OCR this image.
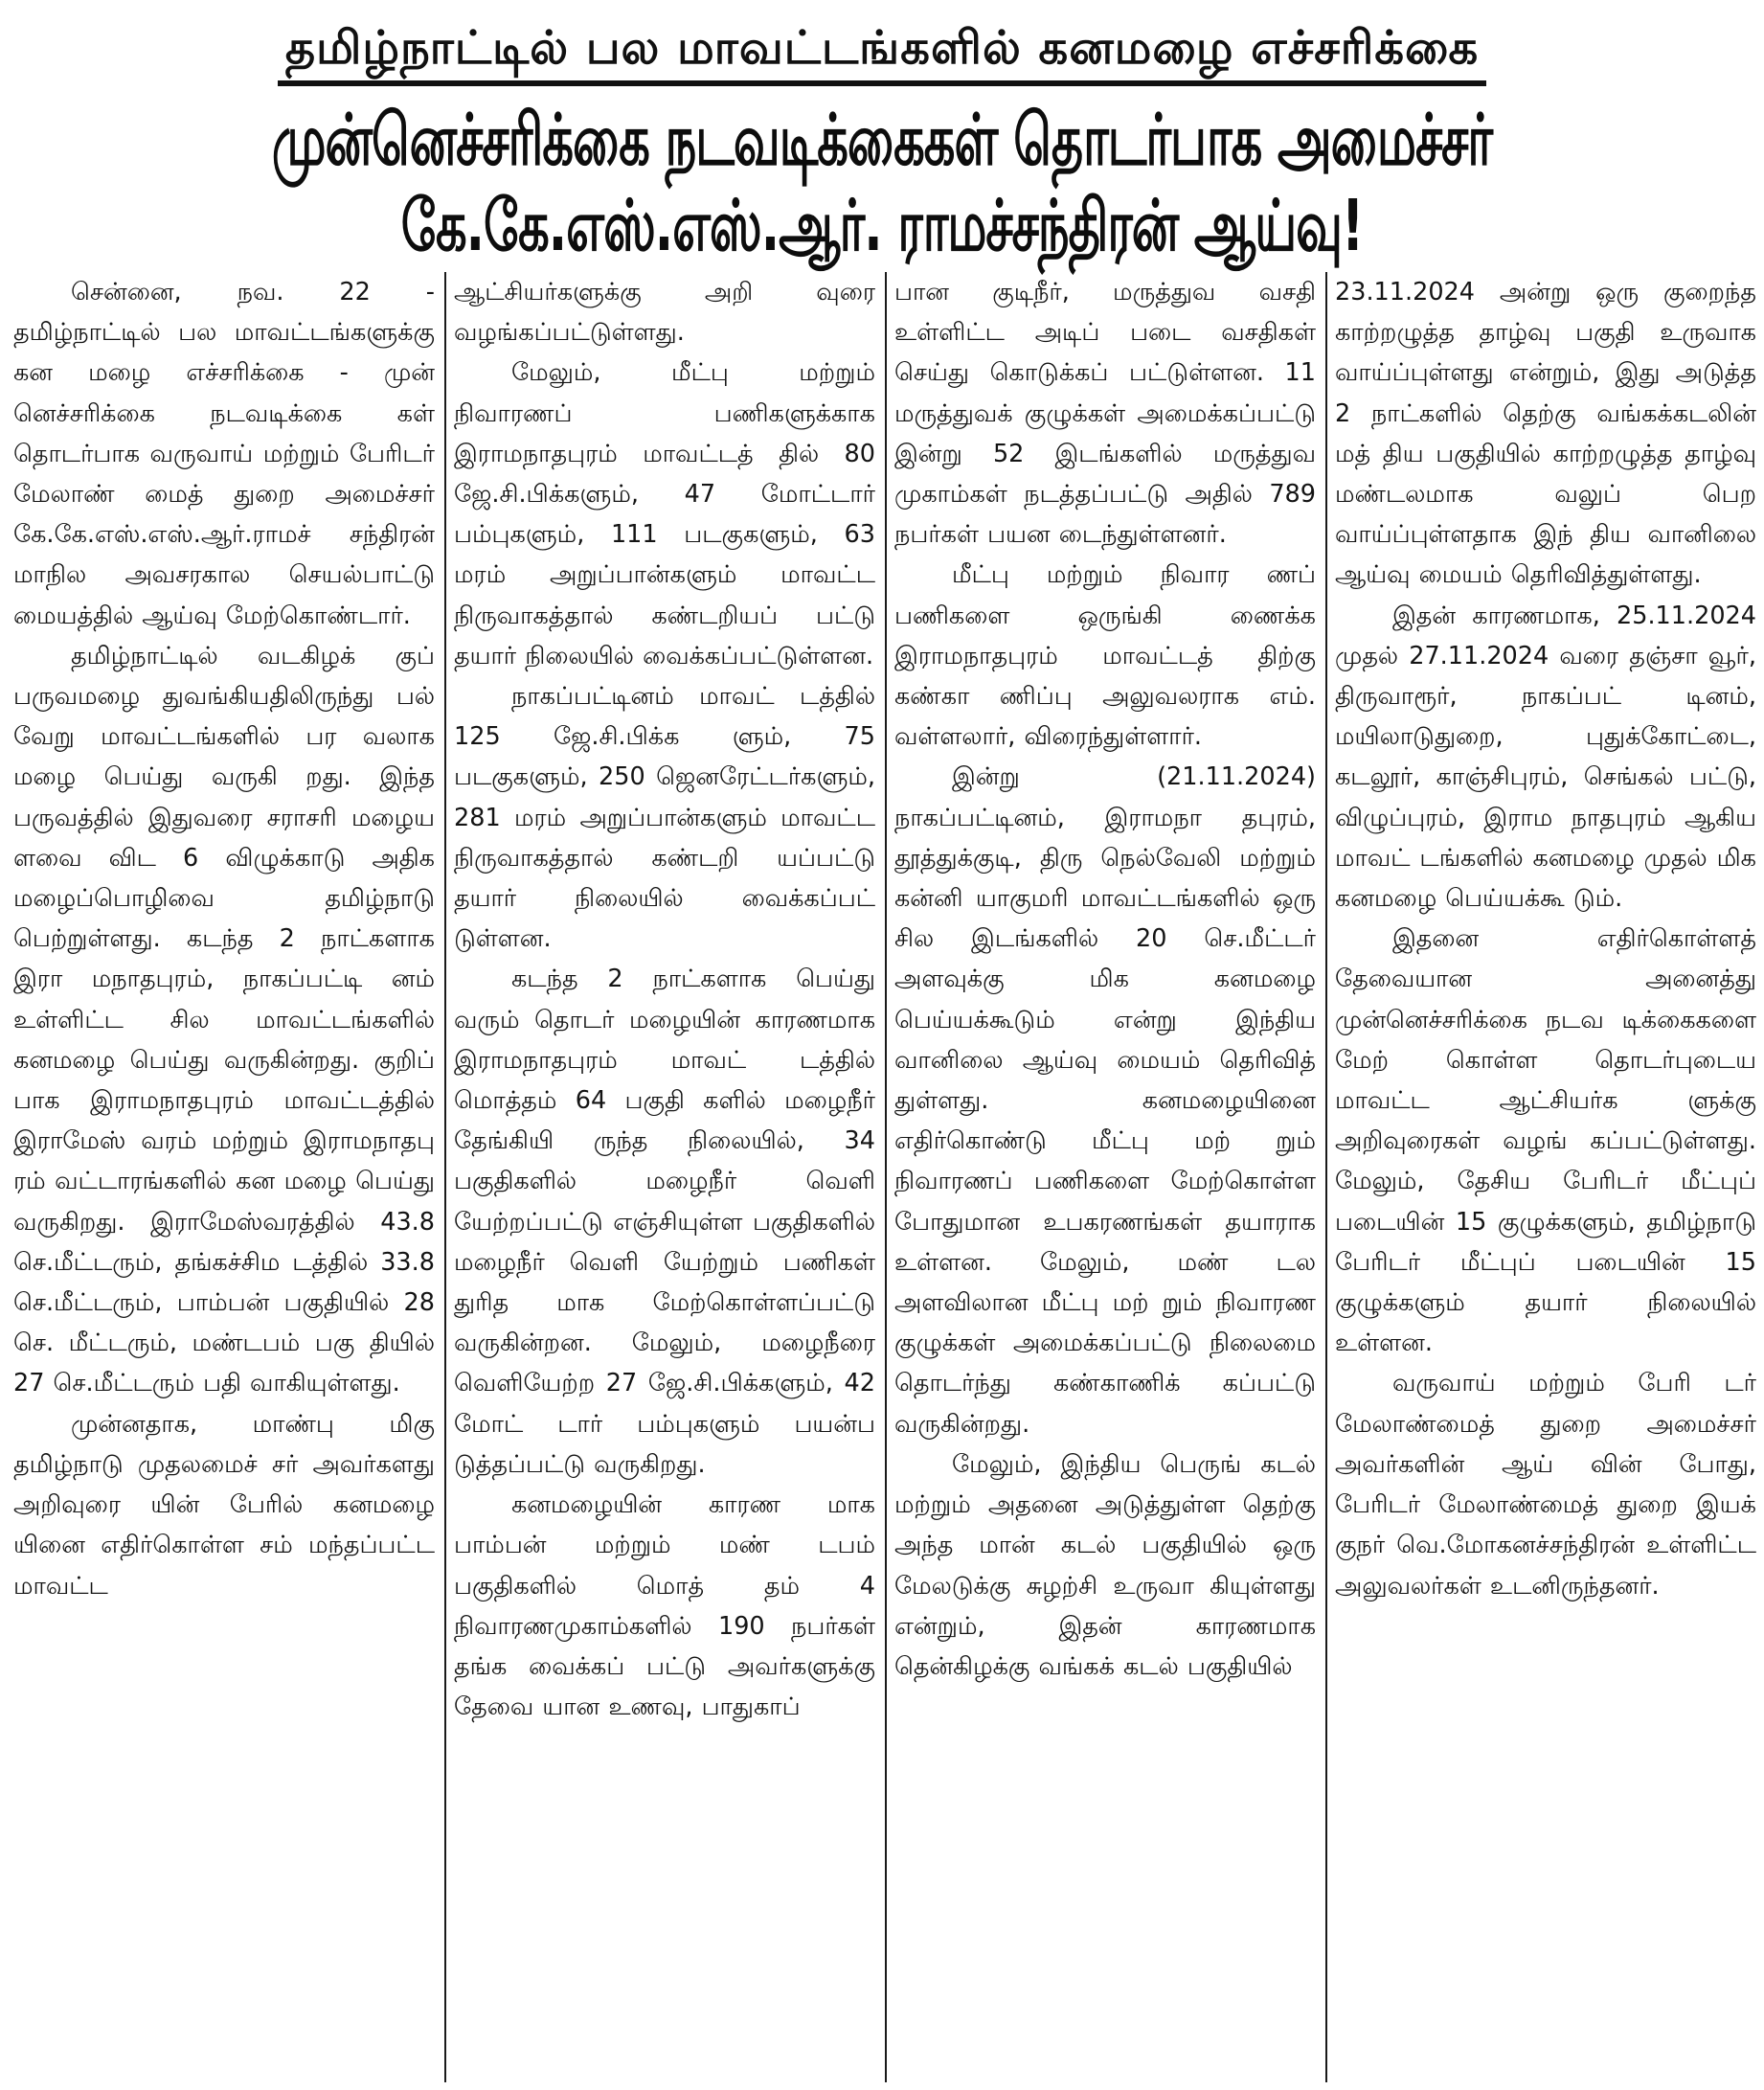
தமிழ்நாட்டில் பல மாவட்டங்களில் கனமழை எச்சரிக்கை
முன்னெச்சரிக்கை நடவடிக்கைகள் தொடர்பாக அமைச்சர் கே.கே.எஸ்.எஸ்.ஆர். ராமச்சந்திரன் ஆய்வு!

சென்னை, நவ. 22 - தமிழ்நாட்டில் பல மாவட்டங்களுக்கு கன மழை எச்சரிக்கை - முன் னெச்சரிக்கை நடவடிக்கை கள் தொடர்பாக வருவாய் மற்றும் பேரிடர் மேலாண் மைத் துறை அமைச்சர் கே.கே.எஸ்.எஸ்.ஆர்.ராமச் சந்திரன் மாநில அவசரகால செயல்பாட்டு மையத்தில் ஆய்வு மேற்கொண்டார்.

தமிழ்நாட்டில் வடகிழக் குப் பருவமழை துவங்கியதிலிருந்து பல் வேறு மாவட்டங்களில் பர வலாக மழை பெய்து வருகி றது. இந்த பருவத்தில் இதுவரை சராசரி மழைய ளவை விட 6 விழுக்காடு அதிக மழைப்பொழிவை தமிழ்நாடு பெற்றுள்ளது. கடந்த 2 நாட்களாக இரா மநாதபுரம், நாகப்பட்டி னம் உள்ளிட்ட சில மாவட்டங்களில் கனமழை பெய்து வருகின்றது. குறிப் பாக இராமநாதபுரம் மாவட்டத்தில் இராமேஸ் வரம் மற்றும் இராமநாதபு ரம் வட்டாரங்களில் கன மழை பெய்து வருகிறது. இராமேஸ்வரத்தில் 43.8 செ.மீட்டரும், தங்கச்சிம டத்தில் 33.8 செ.மீட்டரும், பாம்பன் பகுதியில் 28 செ. மீட்டரும், மண்டபம் பகு தியில் 27 செ.மீட்டரும் பதி வாகியுள்ளது.

முன்னதாக, மாண்பு மிகு தமிழ்நாடு முதலமைச் சர் அவர்களது அறிவுரை யின் பேரில் கனமழை யினை எதிர்கொள்ள சம் மந்தப்பட்ட மாவட்ட

ஆட்சியர்களுக்கு அறி வுரை வழங்கப்பட்டுள்ளது.

மேலும், மீட்பு மற்றும் நிவாரணப் பணிகளுக்காக இராமநாதபுரம் மாவட்டத் தில் 80 ஜே.சி.பிக்களும், 47 மோட்டார் பம்புகளும், 111 படகுகளும், 63 மரம் அறுப்பான்களும் மாவட்ட நிருவாகத்தால் கண்டறியப் பட்டு தயார் நிலையில் வைக்கப்பட்டுள்ளன.

நாகப்பட்டினம் மாவட் டத்தில் 125 ஜே.சி.பிக்க ளும், 75 படகுகளும், 250 ஜெனரேட்டர்களும், 281 மரம் அறுப்பான்களும் மாவட்ட நிருவாகத்தால் கண்டறி யப்பட்டு தயார் நிலையில் வைக்கப்பட் டுள்ளன.

கடந்த 2 நாட்களாக பெய்து வரும் தொடர் மழையின் காரணமாக இராமநாதபுரம் மாவட் டத்தில் மொத்தம் 64 பகுதி களில் மழைநீர் தேங்கியி ருந்த நிலையில், 34 பகுதிகளில் மழைநீர் வெளி யேற்றப்பட்டு எஞ்சியுள்ள பகுதிகளில் மழைநீர் வெளி யேற்றும் பணிகள் துரித மாக மேற்கொள்ளப்பட்டு வருகின்றன. மேலும், மழைநீரை வெளியேற்ற 27 ஜே.சி.பிக்களும், 42 மோட் டார் பம்புகளும் பயன்ப டுத்தப்பட்டு வருகிறது.

கனமழையின் காரண மாக பாம்பன் மற்றும் மண் டபம் பகுதிகளில் மொத் தம் 4 நிவாரணமுகாம்களில் 190 நபர்கள் தங்க வைக்கப் பட்டு அவர்களுக்கு தேவை யான உணவு, பாதுகாப்

பான குடிநீர், மருத்துவ வசதி உள்ளிட்ட அடிப் படை வசதிகள் செய்து கொடுக்கப் பட்டுள்ளன. 11 மருத்துவக் குழுக்கள் அமைக்கப்பட்டு இன்று 52 இடங்களில் மருத்துவ முகாம்கள் நடத்தப்பட்டு அதில் 789 நபர்கள் பயன டைந்துள்ளனர்.

மீட்பு மற்றும் நிவார ணப் பணிகளை ஒருங்கி ணைக்க இராமநாதபுரம் மாவட்டத் திற்கு கண்கா ணிப்பு அலுவலராக எம். வள்ளலார், விரைந்துள்ளார்.

இன்று (21.11.2024) நாகப்பட்டினம், இராமநா தபுரம், தூத்துக்குடி, திரு நெல்வேலி மற்றும் கன்னி யாகுமரி மாவட்டங்களில் ஒரு சில இடங்களில் 20 செ.மீட்டர் அளவுக்கு மிக கனமழை பெய்யக்கூடும் என்று இந்திய வானிலை ஆய்வு மையம் தெரிவித் துள்ளது. கனமழையினை எதிர்கொண்டு மீட்பு மற் றும் நிவாரணப் பணிகளை மேற்கொள்ள போதுமான உபகரணங்கள் தயாராக உள்ளன. மேலும், மண் டல அளவிலான மீட்பு மற் றும் நிவாரண குழுக்கள் அமைக்கப்பட்டு நிலைமை தொடர்ந்து கண்காணிக் கப்பட்டு வருகின்றது.

மேலும், இந்திய பெருங் கடல் மற்றும் அதனை அடுத்துள்ள தெற்கு அந்த மான் கடல் பகுதியில் ஒரு மேலடுக்கு சுழற்சி உருவா கியுள்ளது என்றும், இதன் காரணமாக தென்கிழக்கு வங்கக் கடல் பகுதியில்

23.11.2024 அன்று ஒரு குறைந்த காற்றழுத்த தாழ்வு பகுதி உருவாக வாய்ப்புள்ளது என்றும், இது அடுத்த 2 நாட்களில் தெற்கு வங்கக்கடலின் மத் திய பகுதியில் காற்றழுத்த தாழ்வு மண்டலமாக வலுப் பெற வாய்ப்புள்ளதாக இந் திய வானிலை ஆய்வு மையம் தெரிவித்துள்ளது.

இதன் காரணமாக, 25.11.2024 முதல் 27.11.2024 வரை தஞ்சா வூர், திருவாரூர், நாகப்பட் டினம், மயிலாடுதுறை, புதுக்கோட்டை, கடலூர், காஞ்சிபுரம், செங்கல் பட்டு, விழுப்புரம், இராம நாதபுரம் ஆகிய மாவட் டங்களில் கனமழை முதல் மிக கனமழை பெய்யக்கூ டும்.

இதனை எதிர்கொள்ளத் தேவையான அனைத்து முன்னெச்சரிக்கை நடவ டிக்கைகளை மேற் கொள்ள தொடர்புடைய மாவட்ட ஆட்சியர்க ளுக்கு அறிவுரைகள் வழங் கப்பட்டுள்ளது. மேலும், தேசிய பேரிடர் மீட்புப் படையின் 15 குழுக்களும், தமிழ்நாடு பேரிடர் மீட்புப் படையின் 15 குழுக்களும் தயார் நிலையில் உள்ளன.

வருவாய் மற்றும் பேரி டர் மேலாண்மைத் துறை அமைச்சர் அவர்களின் ஆய் வின் போது, பேரிடர் மேலாண்மைத் துறை இயக் குநர் வெ.மோகனச்சந்திரன் உள்ளிட்ட அலுவலர்கள் உடனிருந்தனர்.
